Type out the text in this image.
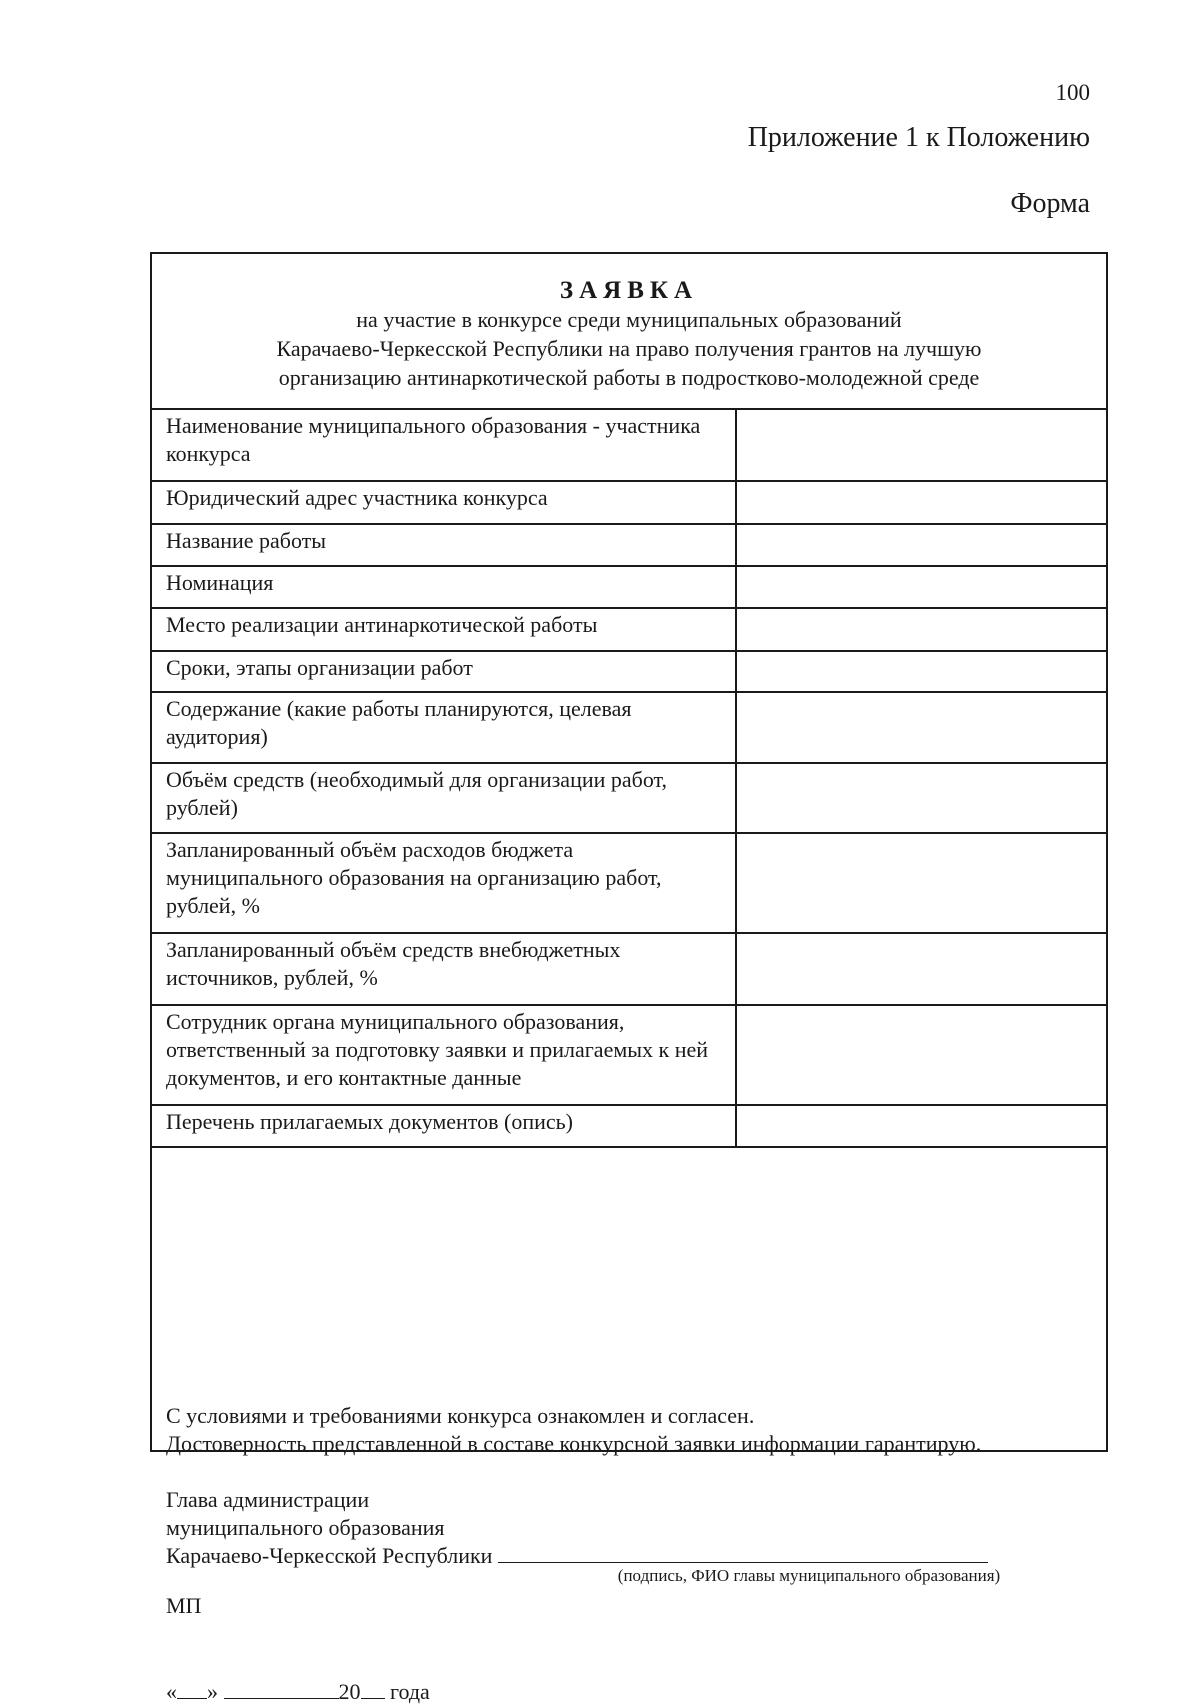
100
Приложение 1 к Положению
Форма
ЗАЯВКА
на участие в конкурсе среди муниципальных образований
Карачаево-Черкесской Республики на право получения грантов на лучшую
организацию антинаркотической работы в подростково-молодежной среде
Наименование муниципального образования - участника конкурса
Юридический адрес участника конкурса
Название работы
Номинация
Место реализации антинаркотической работы
Сроки, этапы организации работ
Содержание (какие работы планируются, целевая аудитория)
Объём средств (необходимый для организации работ, рублей)
Запланированный объём расходов бюджета муниципального образования на организацию работ, рублей, %
Запланированный объём средств внебюджетных источников, рублей, %
Сотрудник органа муниципального образования, ответственный за подготовку заявки и прилагаемых к ней документов, и его контактные данные
Перечень прилагаемых документов (опись)

С условиями и требованиями конкурса ознакомлен и согласен.

Достоверность представленной в составе конкурсной заявки информации гарантирую.

Глава администрации

муниципального образования

Карачаево-Черкесской Республики

(подпись, ФИО главы муниципального образования)

МП

« »	20 года
